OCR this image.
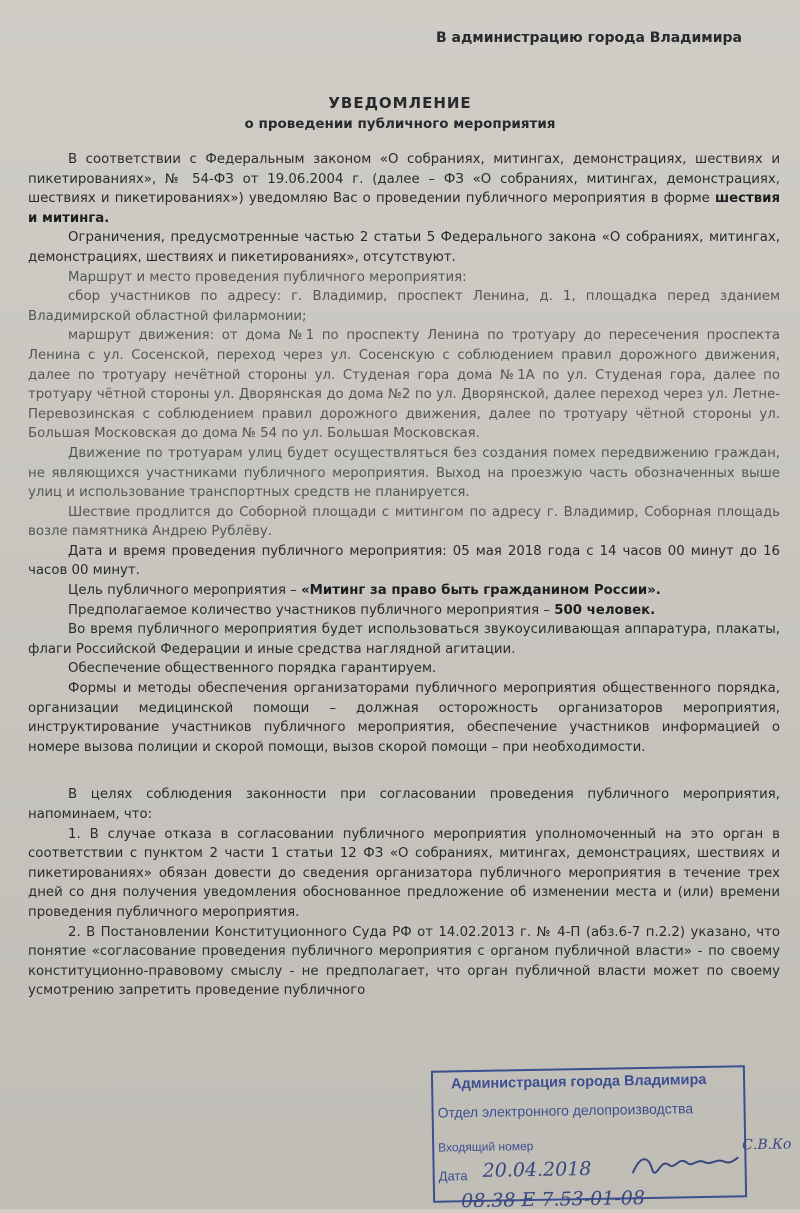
В администрацию города Владимира
УВЕДОМЛЕНИЕ
о проведении публичного мероприятия

В соответствии с Федеральным законом «О собраниях, митингах, демонстрациях, шествиях и пикетированиях», № 54-ФЗ от 19.06.2004 г. (далее – ФЗ «О собраниях, митингах, демонстрациях, шествиях и пикетированиях») уведомляю Вас о проведении публичного мероприятия в форме шествия и митинга.

Ограничения, предусмотренные частью 2 статьи 5 Федерального закона «О собраниях, митингах, демонстрациях, шествиях и пикетированиях», отсутствуют.

Маршрут и место проведения публичного мероприятия:

сбор участников по адресу: г. Владимир, проспект Ленина, д. 1, площадка перед зданием Владимирской областной филармонии;

маршрут движения: от дома №1 по проспекту Ленина по тротуару до пересечения проспекта Ленина с ул. Сосенской, переход через ул. Сосенскую с соблюдением правил дорожного движения, далее по тротуару нечётной стороны ул. Студеная гора дома №1А по ул. Студеная гора, далее по тротуару чётной стороны ул. Дворянская до дома №2 по ул. Дворянской, далее переход через ул. Летне-Перевозинская с соблюдением правил дорожного движения, далее по тротуару чётной стороны ул. Большая Московская до дома № 54 по ул. Большая Московская.

Движение по тротуарам улиц будет осуществляться без создания помех передвижению граждан, не являющихся участниками публичного мероприятия. Выход на проезжую часть обозначенных выше улиц и использование транспортных средств не планируется.

Шествие продлится до Соборной площади с митингом по адресу г. Владимир, Соборная площадь возле памятника Андрею Рублёву.

Дата и время проведения публичного мероприятия: 05 мая 2018 года с 14 часов 00 минут до 16 часов 00 минут.

Цель публичного мероприятия – «Митинг за право быть гражданином России».

Предполагаемое количество участников публичного мероприятия – 500 человек.

Во время публичного мероприятия будет использоваться звукоусиливающая аппаратура, плакаты, флаги Российской Федерации и иные средства наглядной агитации.

Обеспечение общественного порядка гарантируем.

Формы и методы обеспечения организаторами публичного мероприятия общественного порядка, организации медицинской помощи – должная осторожность организаторов мероприятия, инструктирование участников публичного мероприятия, обеспечение участников информацией о номере вызова полиции и скорой помощи, вызов скорой помощи – при необходимости.

В целях соблюдения законности при согласовании проведения публичного мероприятия, напоминаем, что:

1. В случае отказа в согласовании публичного мероприятия уполномоченный на это орган в соответствии с пунктом 2 части 1 статьи 12 ФЗ «О собраниях, митингах, демонстрациях, шествиях и пикетированиях» обязан довести до сведения организатора публичного мероприятия в течение трех дней со дня получения уведомления обоснованное предложение об изменении места и (или) времени проведения публичного мероприятия.

2. В Постановлении Конституционного Суда РФ от 14.02.2013 г. № 4-П (абз.6-7 п.2.2) указано, что понятие «согласование проведения публичного мероприятия с органом публичной власти» - по своему конституционно-правовому смыслу - не предполагает, что орган публичной власти может по своему усмотрению запретить проведение публичного

Администрация города Владимира
Отдел электронного делопроизводства
Входящий номер
Дата 20.04.2018
08.38 Е 7.53-01-08
С.В.Ко
